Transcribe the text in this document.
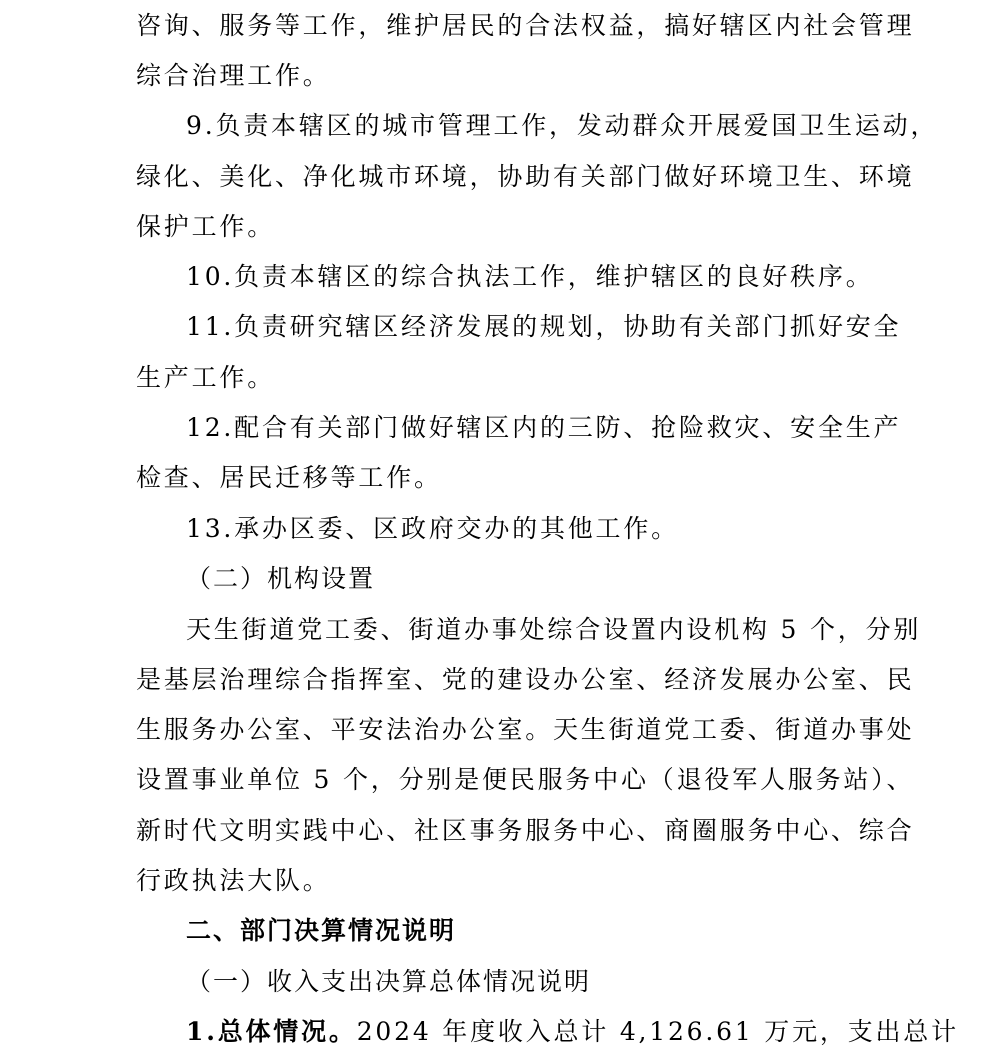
咨询、服务等工作，维护居民的合法权益，搞好辖区内社会管理
综合治理工作。
9.负责本辖区的城市管理工作，发动群众开展爱国卫生运动，
绿化、美化、净化城市环境，协助有关部门做好环境卫生、环境
保护工作。
10.负责本辖区的综合执法工作，维护辖区的良好秩序。
11.负责研究辖区经济发展的规划，协助有关部门抓好安全
生产工作。
12.配合有关部门做好辖区内的三防、抢险救灾、安全生产
检查、居民迁移等工作。
13.承办区委、区政府交办的其他工作。
（二）机构设置
天生街道党工委、街道办事处综合设置内设机构 5 个，分别
是基层治理综合指挥室、党的建设办公室、经济发展办公室、民
生服务办公室、平安法治办公室。天生街道党工委、街道办事处
设置事业单位 5 个，分别是便民服务中心（退役军人服务站）、
新时代文明实践中心、社区事务服务中心、商圈服务中心、综合
行政执法大队。
二、部门决算情况说明
（一）收入支出决算总体情况说明
1.总体情况。2024 年度收入总计 4,126.61 万元，支出总计
